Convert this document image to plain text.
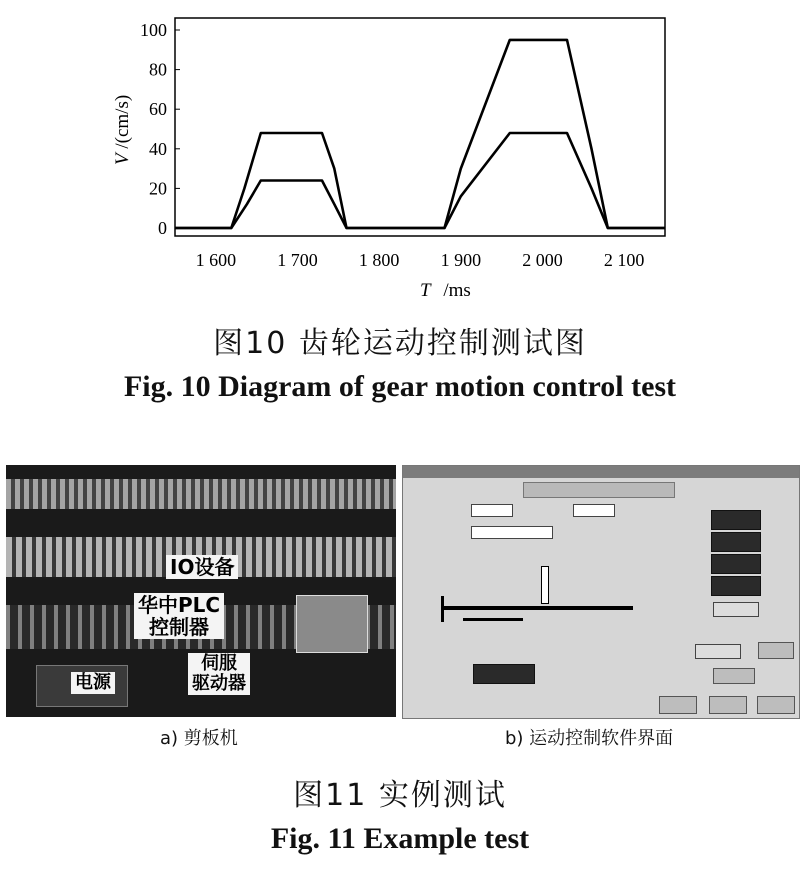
0
20
40
60
80
100
1 600 1 700 1 800 1 900 2 000 2 100
V /(cm/s)
T /ms
图10 齿轮运动控制测试图
Fig. 10 Diagram of gear motion control test
IO设备
华中PLC
控制器
电源
伺服
驱动器
a) 剪板机	b) 运动控制软件界面
图11 实例测试
Fig. 11 Example test
